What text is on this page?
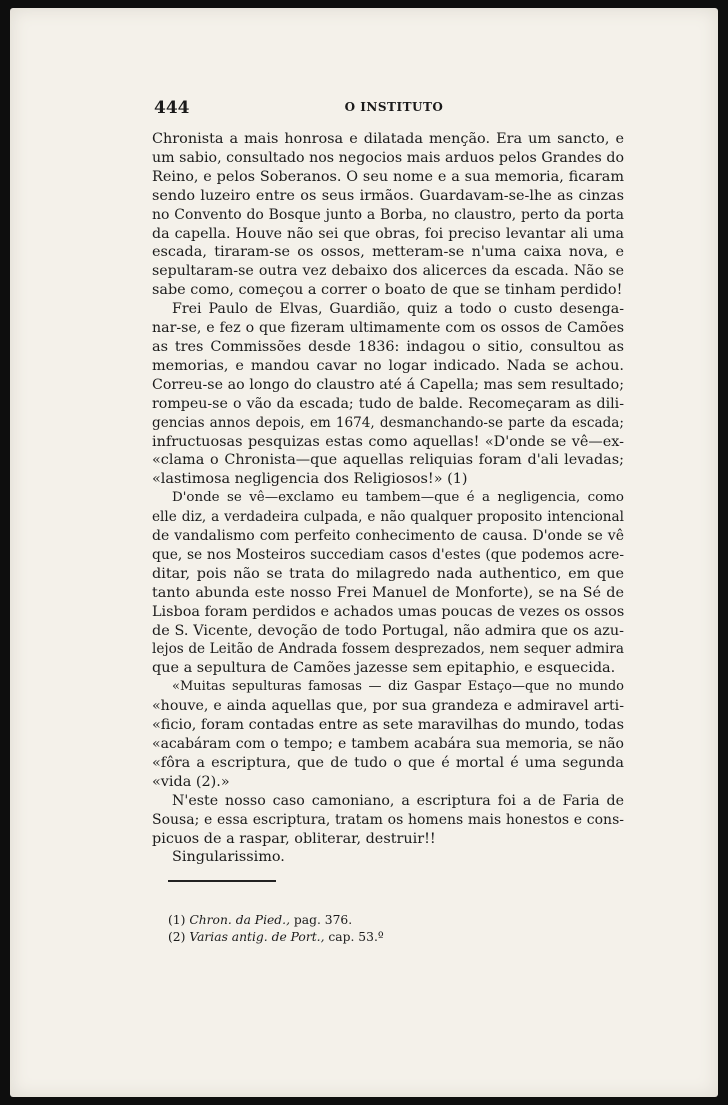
444	O INSTITUTO
Chronista a mais honrosa e dilatada menção. Era um sancto, e
um sabio, consultado nos negocios mais arduos pelos Grandes do
Reino, e pelos Soberanos. O seu nome e a sua memoria, ficaram
sendo luzeiro entre os seus irmãos. Guardavam-se-lhe as cinzas
no Convento do Bosque junto a Borba, no claustro, perto da porta
da capella. Houve não sei que obras, foi preciso levantar ali uma
escada, tiraram-se os ossos, metteram-se n'uma caixa nova, e
sepultaram-se outra vez debaixo dos alicerces da escada. Não se
sabe como, começou a correr o boato de que se tinham perdido!
Frei Paulo de Elvas, Guardião, quiz a todo o custo desenga-
nar-se, e fez o que fizeram ultimamente com os ossos de Camões
as tres Commissões desde 1836: indagou o sitio, consultou as
memorias, e mandou cavar no logar indicado. Nada se achou.
Correu-se ao longo do claustro até á Capella; mas sem resultado;
rompeu-se o vão da escada; tudo de balde. Recomeçaram as dili-
gencias annos depois, em 1674, desmanchando-se parte da escada;
infructuosas pesquizas estas como aquellas! «D'onde se vê—ex-
«clama o Chronista—que aquellas reliquias foram d'ali levadas;
«lastimosa negligencia dos Religiosos!» (1)
D'onde se vê—exclamo eu tambem—que é a negligencia, como
elle diz, a verdadeira culpada, e não qualquer proposito intencional
de vandalismo com perfeito conhecimento de causa. D'onde se vê
que, se nos Mosteiros succediam casos d'estes (que podemos acre-
ditar, pois não se trata do milagredo nada authentico, em que
tanto abunda este nosso Frei Manuel de Monforte), se na Sé de
Lisboa foram perdidos e achados umas poucas de vezes os ossos
de S. Vicente, devoção de todo Portugal, não admira que os azu-
lejos de Leitão de Andrada fossem desprezados, nem sequer admira
que a sepultura de Camões jazesse sem epitaphio, e esquecida.
«Muitas sepulturas famosas — diz Gaspar Estaço—que no mundo
«houve, e ainda aquellas que, por sua grandeza e admiravel arti-
«ficio, foram contadas entre as sete maravilhas do mundo, todas
«acabáram com o tempo; e tambem acabára sua memoria, se não
«fôra a escriptura, que de tudo o que é mortal é uma segunda
«vida (2).»
N'este nosso caso camoniano, a escriptura foi a de Faria de
Sousa; e essa escriptura, tratam os homens mais honestos e cons-
picuos de a raspar, obliterar, destruir!!
Singularissimo.
(1) Chron. da Pied., pag. 376.
(2) Varias antig. de Port., cap. 53.º
